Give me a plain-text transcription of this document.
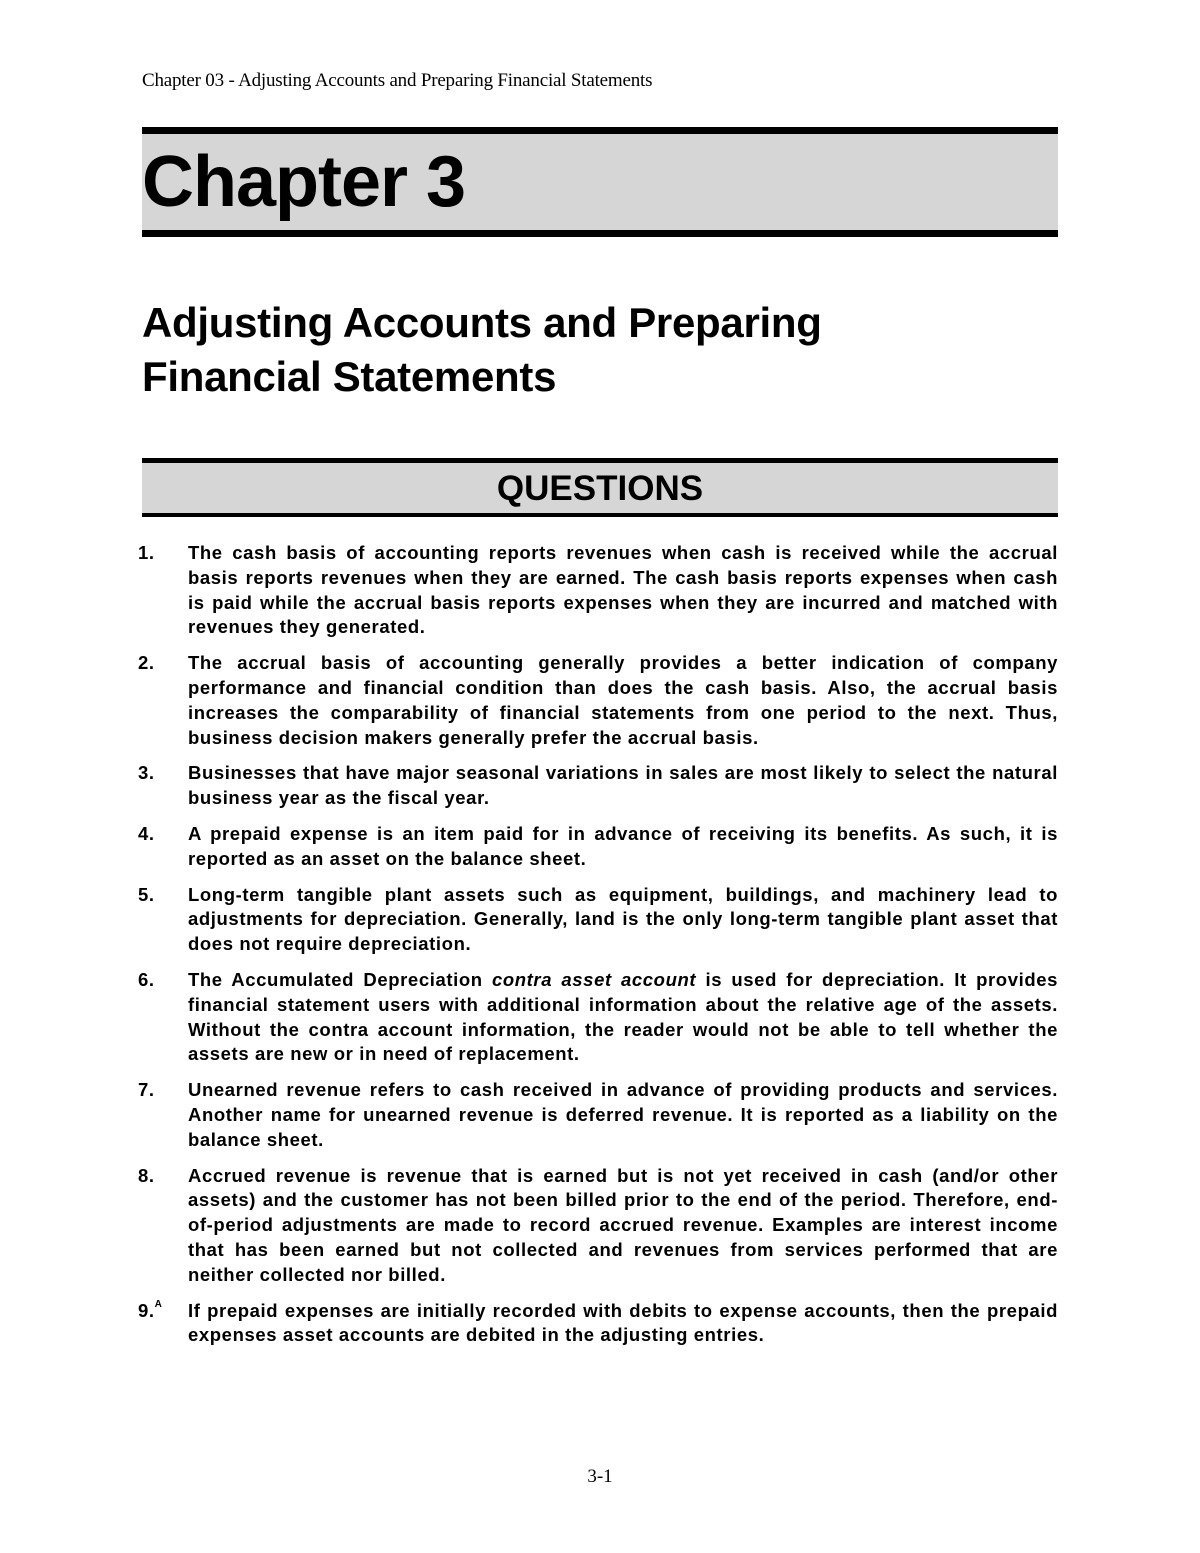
Chapter 03 - Adjusting Accounts and Preparing Financial Statements
Chapter 3
Adjusting Accounts and Preparing
Financial Statements
QUESTIONS
1. The cash basis of accounting reports revenues when cash is received while the accrual basis reports revenues when they are earned. The cash basis reports expenses when cash is paid while the accrual basis reports expenses when they are incurred and matched with revenues they generated.
2. The accrual basis of accounting generally provides a better indication of company performance and financial condition than does the cash basis. Also, the accrual basis increases the comparability of financial statements from one period to the next. Thus, business decision makers generally prefer the accrual basis.
3. Businesses that have major seasonal variations in sales are most likely to select the natural business year as the fiscal year.
4. A prepaid expense is an item paid for in advance of receiving its benefits. As such, it is reported as an asset on the balance sheet.
5. Long-term tangible plant assets such as equipment, buildings, and machinery lead to adjustments for depreciation. Generally, land is the only long-term tangible plant asset that does not require depreciation.
6. The Accumulated Depreciation contra asset account is used for depreciation. It provides financial statement users with additional information about the relative age of the assets. Without the contra account information, the reader would not be able to tell whether the assets are new or in need of replacement.
7. Unearned revenue refers to cash received in advance of providing products and services. Another name for unearned revenue is deferred revenue. It is reported as a liability on the balance sheet.
8. Accrued revenue is revenue that is earned but is not yet received in cash (and/or other assets) and the customer has not been billed prior to the end of the period. Therefore, end-of-period adjustments are made to record accrued revenue. Examples are interest income that has been earned but not collected and revenues from services performed that are neither collected nor billed.
9.$^A$ If prepaid expenses are initially recorded with debits to expense accounts, then the prepaid expenses asset accounts are debited in the adjusting entries.
3-1
